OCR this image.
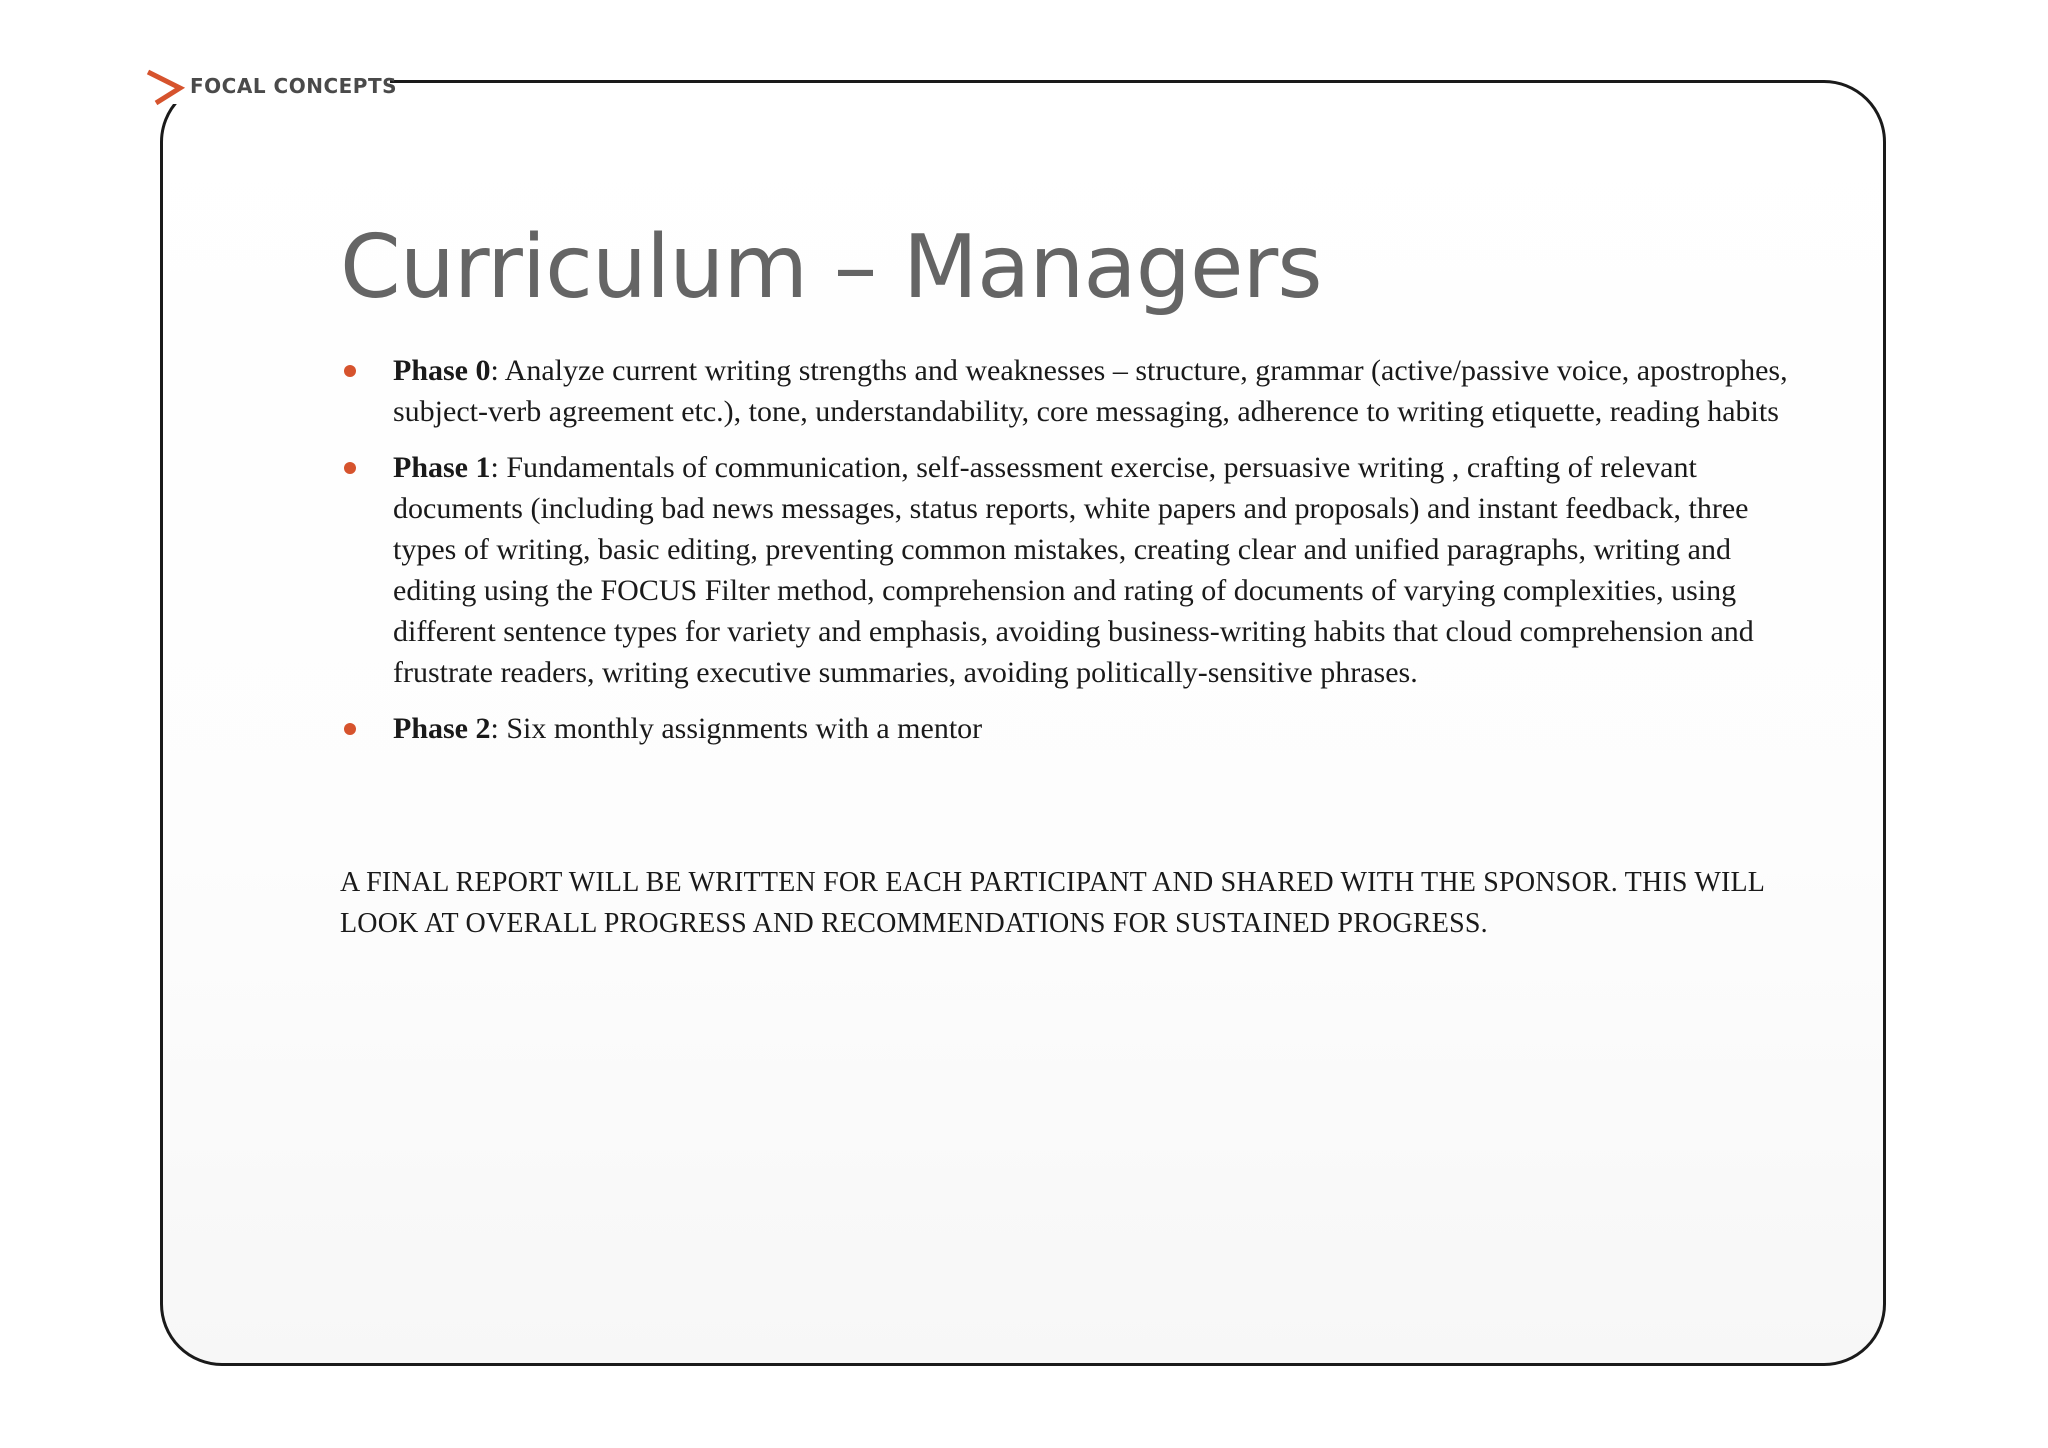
FOCAL CONCEPTS
Curriculum – Managers
Phase 0: Analyze current writing strengths and weaknesses – structure, grammar (active/passive voice, apostrophes, subject-verb agreement etc.), tone, understandability, core messaging, adherence to writing etiquette, reading habits
Phase 1: Fundamentals of communication, self-assessment exercise, persuasive writing , crafting of relevant documents (including bad news messages, status reports, white papers and proposals) and instant feedback, three types of writing, basic editing, preventing common mistakes, creating clear and unified paragraphs, writing and editing using the FOCUS Filter method, comprehension and rating of documents of varying complexities, using different sentence types for variety and emphasis, avoiding business-writing habits that cloud comprehension and frustrate readers, writing executive summaries, avoiding politically-sensitive phrases.
Phase 2: Six monthly assignments with a mentor

A FINAL REPORT WILL BE WRITTEN FOR EACH PARTICIPANT AND SHARED WITH THE SPONSOR. THIS WILL LOOK AT OVERALL PROGRESS AND RECOMMENDATIONS FOR SUSTAINED PROGRESS.
